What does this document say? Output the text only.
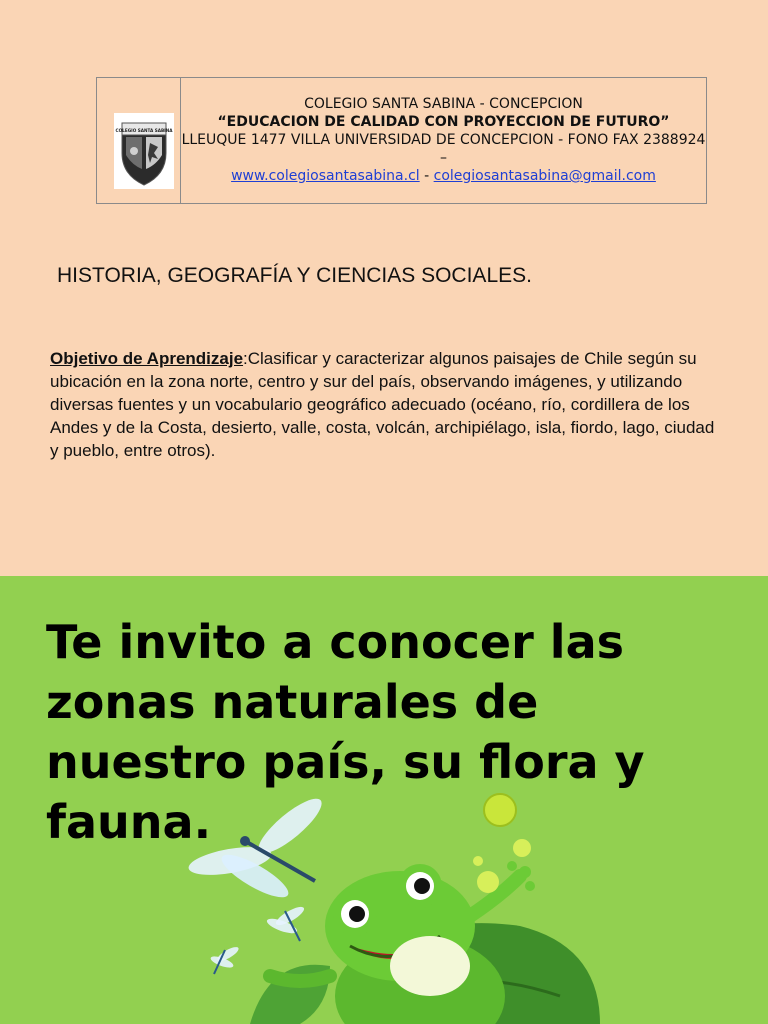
COLEGIO SANTA SABINA
COLEGIO SANTA SABINA - CONCEPCION
“EDUCACION DE CALIDAD CON PROYECCION DE FUTURO”
LLEUQUE 1477 VILLA UNIVERSIDAD DE CONCEPCION - FONO FAX 2388924 –
www.colegiosantasabina.cl - colegiosantasabina@gmail.com
HISTORIA, GEOGRAFÍA Y CIENCIAS SOCIALES.
Objetivo de Aprendizaje:Clasificar y caracterizar algunos paisajes de Chile según su ubicación en la zona norte, centro y sur del país, observando imágenes, y utilizando diversas fuentes y un vocabulario geográfico adecuado (océano, río, cordillera de los Andes y de la Costa, desierto, valle, costa, volcán, archipiélago, isla, fiordo, lago, ciudad y pueblo, entre otros).

Te invito a conocer las zonas naturales de nuestro país, su flora y fauna.
